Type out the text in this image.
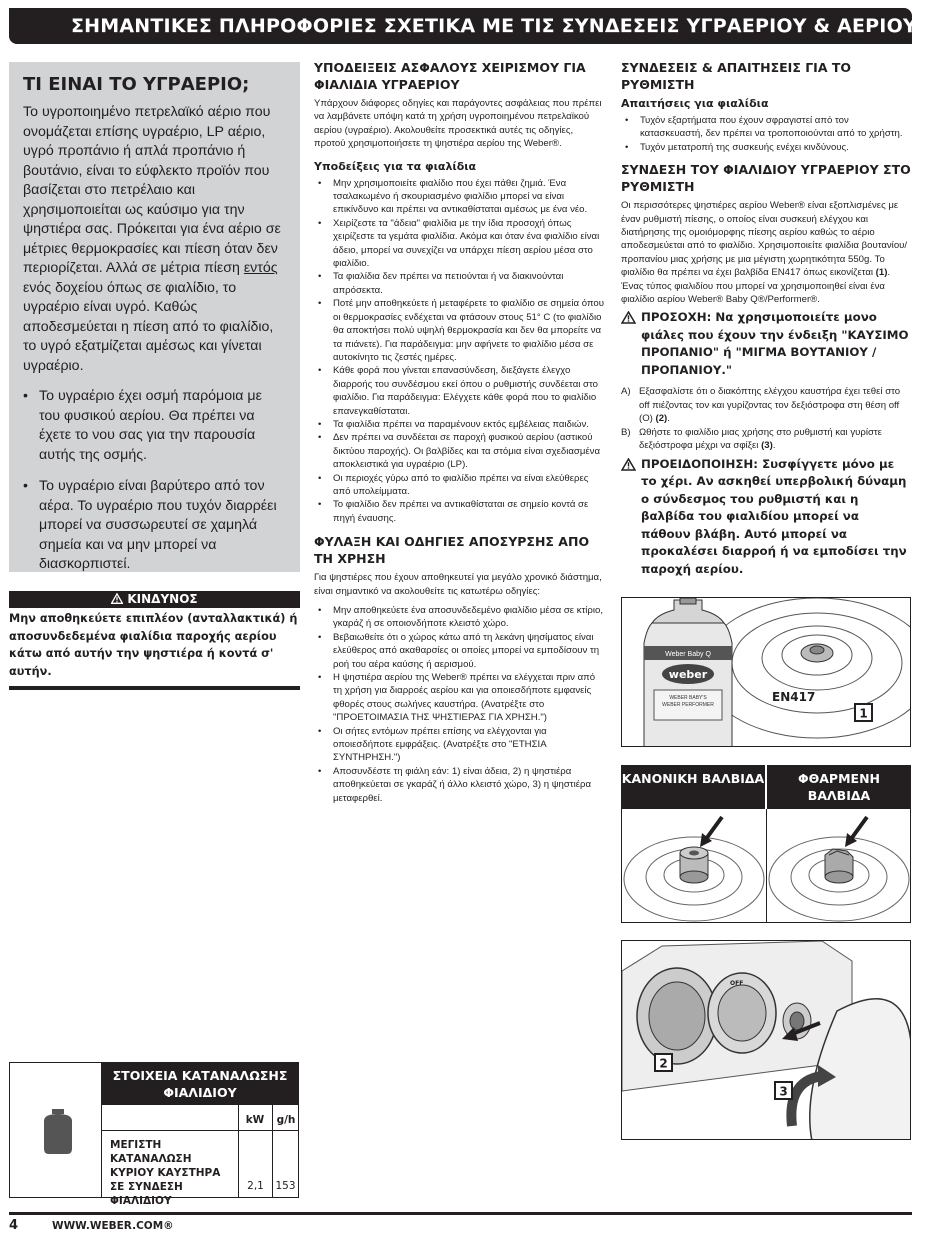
ΣΗΜΑΝΤΙΚΕΣ ΠΛΗΡΟΦΟΡΙΕΣ ΣΧΕΤΙΚΑ ΜΕ ΤΙΣ ΣΥΝΔΕΣΕΙΣ ΥΓΡΑΕΡΙΟΥ & ΑΕΡΙΟΥ
ΤΙ ΕΙΝΑΙ ΤΟ ΥΓΡΑΕΡΙΟ;

Το υγροποιημένο πετρελαϊκό αέριο που ονομάζεται επίσης υγραέριο, LP αέριο, υγρό προπάνιο ή απλά προπάνιο ή βουτάνιο, είναι το εύφλεκτο προϊόν που βασίζεται στο πετρέλαιο και χρησιμοποιείται ως καύσιμο για την ψηστιέρα σας. Πρόκειται για ένα αέριο σε μέτριες θερμοκρασίες και πίεση όταν δεν περιορίζεται. Αλλά σε μέτρια πίεση εντός ενός δοχείου όπως σε φιαλίδιο, το υγραέριο είναι υγρό. Καθώς αποδεσμεύεται η πίεση από το φιαλίδιο, το υγρό εξατμίζεται αμέσως και γίνεται υγραέριο.

• Το υγραέριο έχει οσμή παρόμοια με του φυσικού αερίου. Θα πρέπει να έχετε το νου σας για την παρουσία αυτής της οσμής.
• Το υγραέριο είναι βαρύτερο από τον αέρα. Το υγραέριο που τυχόν διαρρέει μπορεί να συσσωρευτεί σε χαμηλά σημεία και να μην μπορεί να διασκορπιστεί.
ΚΙΝΔΥΝΟΣ
Μην αποθηκεύετε επιπλέον (ανταλλακτικά) ή αποσυνδεδεμένα φιαλίδια παροχής αερίου κάτω από αυτήν την ψηστιέρα ή κοντά σ' αυτήν.
ΣΤΟΙΧΕΙΑ ΚΑΤΑΝΑΛΩΣΗΣ ΦΙΑΛΙΔΙΟΥ
kW	g/h
ΜΕΓΙΣΤΗ ΚΑΤΑΝΑΛΩΣΗ ΚΥΡΙΟΥ ΚΑΥΣΤΗΡΑ ΣΕ ΣΥΝΔΕΣΗ ΦΙΑΛΙΔΙΟΥ
2,1	153
ΥΠΟΔΕΙΞΕΙΣ ΑΣΦΑΛΟΥΣ ΧΕΙΡΙΣΜΟΥ ΓΙΑ ΦΙΑΛΙΔΙΑ ΥΓΡΑΕΡΙΟΥ

Υπάρχουν διάφορες οδηγίες και παράγοντες ασφάλειας που πρέπει να λαμβάνετε υπόψη κατά τη χρήση υγροποιημένου πετρελαϊκού αερίου (υγραέριο). Ακολουθείτε προσεκτικά αυτές τις οδηγίες, προτού χρησιμοποιήσετε τη ψηστιέρα αερίου της Weber®.

Υποδείξεις για τα φιαλίδια
• Μην χρησιμοποιείτε φιαλίδιο που έχει πάθει ζημιά. Ένα τσαλακωμένο ή σκουριασμένο φιαλίδιο μπορεί να είναι επικίνδυνο και πρέπει να αντικαθίσταται αμέσως με ένα νέο.
• Χειρίζεστε τα "άδεια" φιαλίδια με την ίδια προσοχή όπως χειρίζεστε τα γεμάτα φιαλίδια. Ακόμα και όταν ένα φιαλίδιο είναι άδειο, μπορεί να συνεχίζει να υπάρχει πίεση αερίου μέσα στο φιαλίδιο.
• Τα φιαλίδια δεν πρέπει να πετιούνται ή να διακινούνται απρόσεκτα.
• Ποτέ μην αποθηκεύετε ή μεταφέρετε το φιαλίδιο σε σημεία όπου οι θερμοκρασίες ενδέχεται να φτάσουν στους 51° C (το φιαλίδιο θα αποκτήσει πολύ υψηλή θερμοκρασία και δεν θα μπορείτε να τα πιάνετε). Για παράδειγμα: μην αφήνετε το φιαλίδιο μέσα σε αυτοκίνητο τις ζεστές ημέρες.
• Κάθε φορά που γίνεται επανασύνδεση, διεξάγετε έλεγχο διαρροής του συνδέσμου εκεί όπου ο ρυθμιστής συνδέεται στο φιαλίδιο. Για παράδειγμα: Ελέγχετε κάθε φορά που το φιαλίδιο επανεγκαθίσταται.
• Τα φιαλίδια πρέπει να παραμένουν εκτός εμβέλειας παιδιών.
• Δεν πρέπει να συνδέεται σε παροχή φυσικού αερίου (αστικού δικτύου παροχής). Οι βαλβίδες και τα στόμια είναι σχεδιασμένα αποκλειστικά για υγραέριο (LP).
• Οι περιοχές γύρω από το φιαλίδιο πρέπει να είναι ελεύθερες από υπολείμματα.
• Το φιαλίδιο δεν πρέπει να αντικαθίσταται σε σημείο κοντά σε πηγή έναυσης.
ΦΥΛΑΞΗ ΚΑΙ ΟΔΗΓΙΕΣ ΑΠΟΣΥΡΣΗΣ ΑΠΟ ΤΗ ΧΡΗΣΗ

Για ψηστιέρες που έχουν αποθηκευτεί για μεγάλο χρονικό διάστημα, είναι σημαντικό να ακολουθείτε τις κατωτέρω οδηγίες:

• Μην αποθηκεύετε ένα αποσυνδεδεμένο φιαλίδιο μέσα σε κτίριο, γκαράζ ή σε οποιονδήποτε κλειστό χώρο.
• Βεβαιωθείτε ότι ο χώρος κάτω από τη λεκάνη ψησίματος είναι ελεύθερος από ακαθαρσίες οι οποίες μπορεί να εμποδίσουν τη ροή του αέρα καύσης ή αερισμού.
• Η ψηστιέρα αερίου της Weber® πρέπει να ελέγχεται πριν από τη χρήση για διαρροές αερίου και για οποιεσδήποτε εμφανείς φθορές στους σωλήνες καυστήρα. (Ανατρέξτε στο "ΠΡΟΕΤΟΙΜΑΣΙΑ ΤΗΣ ΨΗΣΤΙΕΡΑΣ ΓΙΑ ΧΡΗΣΗ.")
• Οι σήτες εντόμων πρέπει επίσης να ελέγχονται για οποιεσδήποτε εμφράξεις. (Ανατρέξτε στο "ΕΤΗΣΙΑ ΣΥΝΤΗΡΗΣΗ.")
• Αποσυνδέστε τη φιάλη εάν: 1) είναι άδεια, 2) η ψηστιέρα αποθηκεύεται σε γκαράζ ή άλλο κλειστό χώρο, 3) η ψηστιέρα μεταφερθεί.
ΣΥΝΔΕΣΕΙΣ & ΑΠΑΙΤΗΣΕΙΣ ΓΙΑ ΤΟ ΡΥΘΜΙΣΤΗ
Απαιτήσεις για φιαλίδια
• Τυχόν εξαρτήματα που έχουν σφραγιστεί από τον κατασκευαστή, δεν πρέπει να τροποποιούνται από το χρήστη.
• Τυχόν μετατροπή της συσκευής ενέχει κινδύνους.
ΣΥΝΔΕΣΗ ΤΟΥ ΦΙΑΛΙΔΙΟΥ ΥΓΡΑΕΡΙΟΥ ΣΤΟ ΡΥΘΜΙΣΤΗ

Οι περισσότερες ψηστιέρες αερίου Weber® είναι εξοπλισμένες με έναν ρυθμιστή πίεσης, ο οποίος είναι συσκευή ελέγχου και διατήρησης της ομοιόμορφης πίεσης αερίου καθώς το αέριο αποδεσμεύεται από το φιαλίδιο. Χρησιμοποιείτε φιαλίδια βουτανίου/ προπανίου μιας χρήσης με μια μέγιστη χωρητικότητα 550g. Το φιαλίδιο θα πρέπει να έχει βαλβίδα EN417 όπως εικονίζεται (1). Ένας τύπος φιαλιδίου που μπορεί να χρησιμοποιηθεί είναι ένα φιαλίδιο αερίου Weber® Baby Q®/Performer®.

ΠΡΟΣΟΧΗ: Να χρησιμοποιείτε μονο φιάλες που έχουν την ένδειξη "ΚΑΥΣΙΜΟ ΠΡΟΠΑΝΙΟ" ή "ΜΙΓΜΑ ΒΟΥΤΑΝΙΟΥ / ΠΡΟΠΑΝΙΟΥ."
A) Εξασφαλίστε ότι ο διακόπτης ελέγχου καυστήρα έχει τεθεί στο off πιέζοντας τον και γυρίζοντας τον δεξιόστροφα στη θέση off (O) (2).
B) Ωθήστε το φιαλίδιο μιας χρήσης στο ρυθμιστή και γυρίστε δεξιόστροφα μέχρι να σφίξει (3).
ΠΡΟΕΙΔΟΠΟΙΗΣΗ: Συσφίγγετε μόνο με το χέρι. Αν ασκηθεί υπερβολική δύναμη ο σύνδεσμος του ρυθμιστή και η βαλβίδα του φιαλιδίου μπορεί να πάθουν βλάβη. Αυτό μπορεί να προκαλέσει διαρροή ή να εμποδίσει την παροχή αερίου.
Weber Baby Q
weber
WEBER BABY'S
WEBER PERFORMER
EN417
1
ΚΑΝΟΝΙΚΗ ΒΑΛΒΙΔΑ	ΦΘΑΡΜΕΝΗ ΒΑΛΒΙΔΑ
OFF
2
3
4	WWW.WEBER.COM®
